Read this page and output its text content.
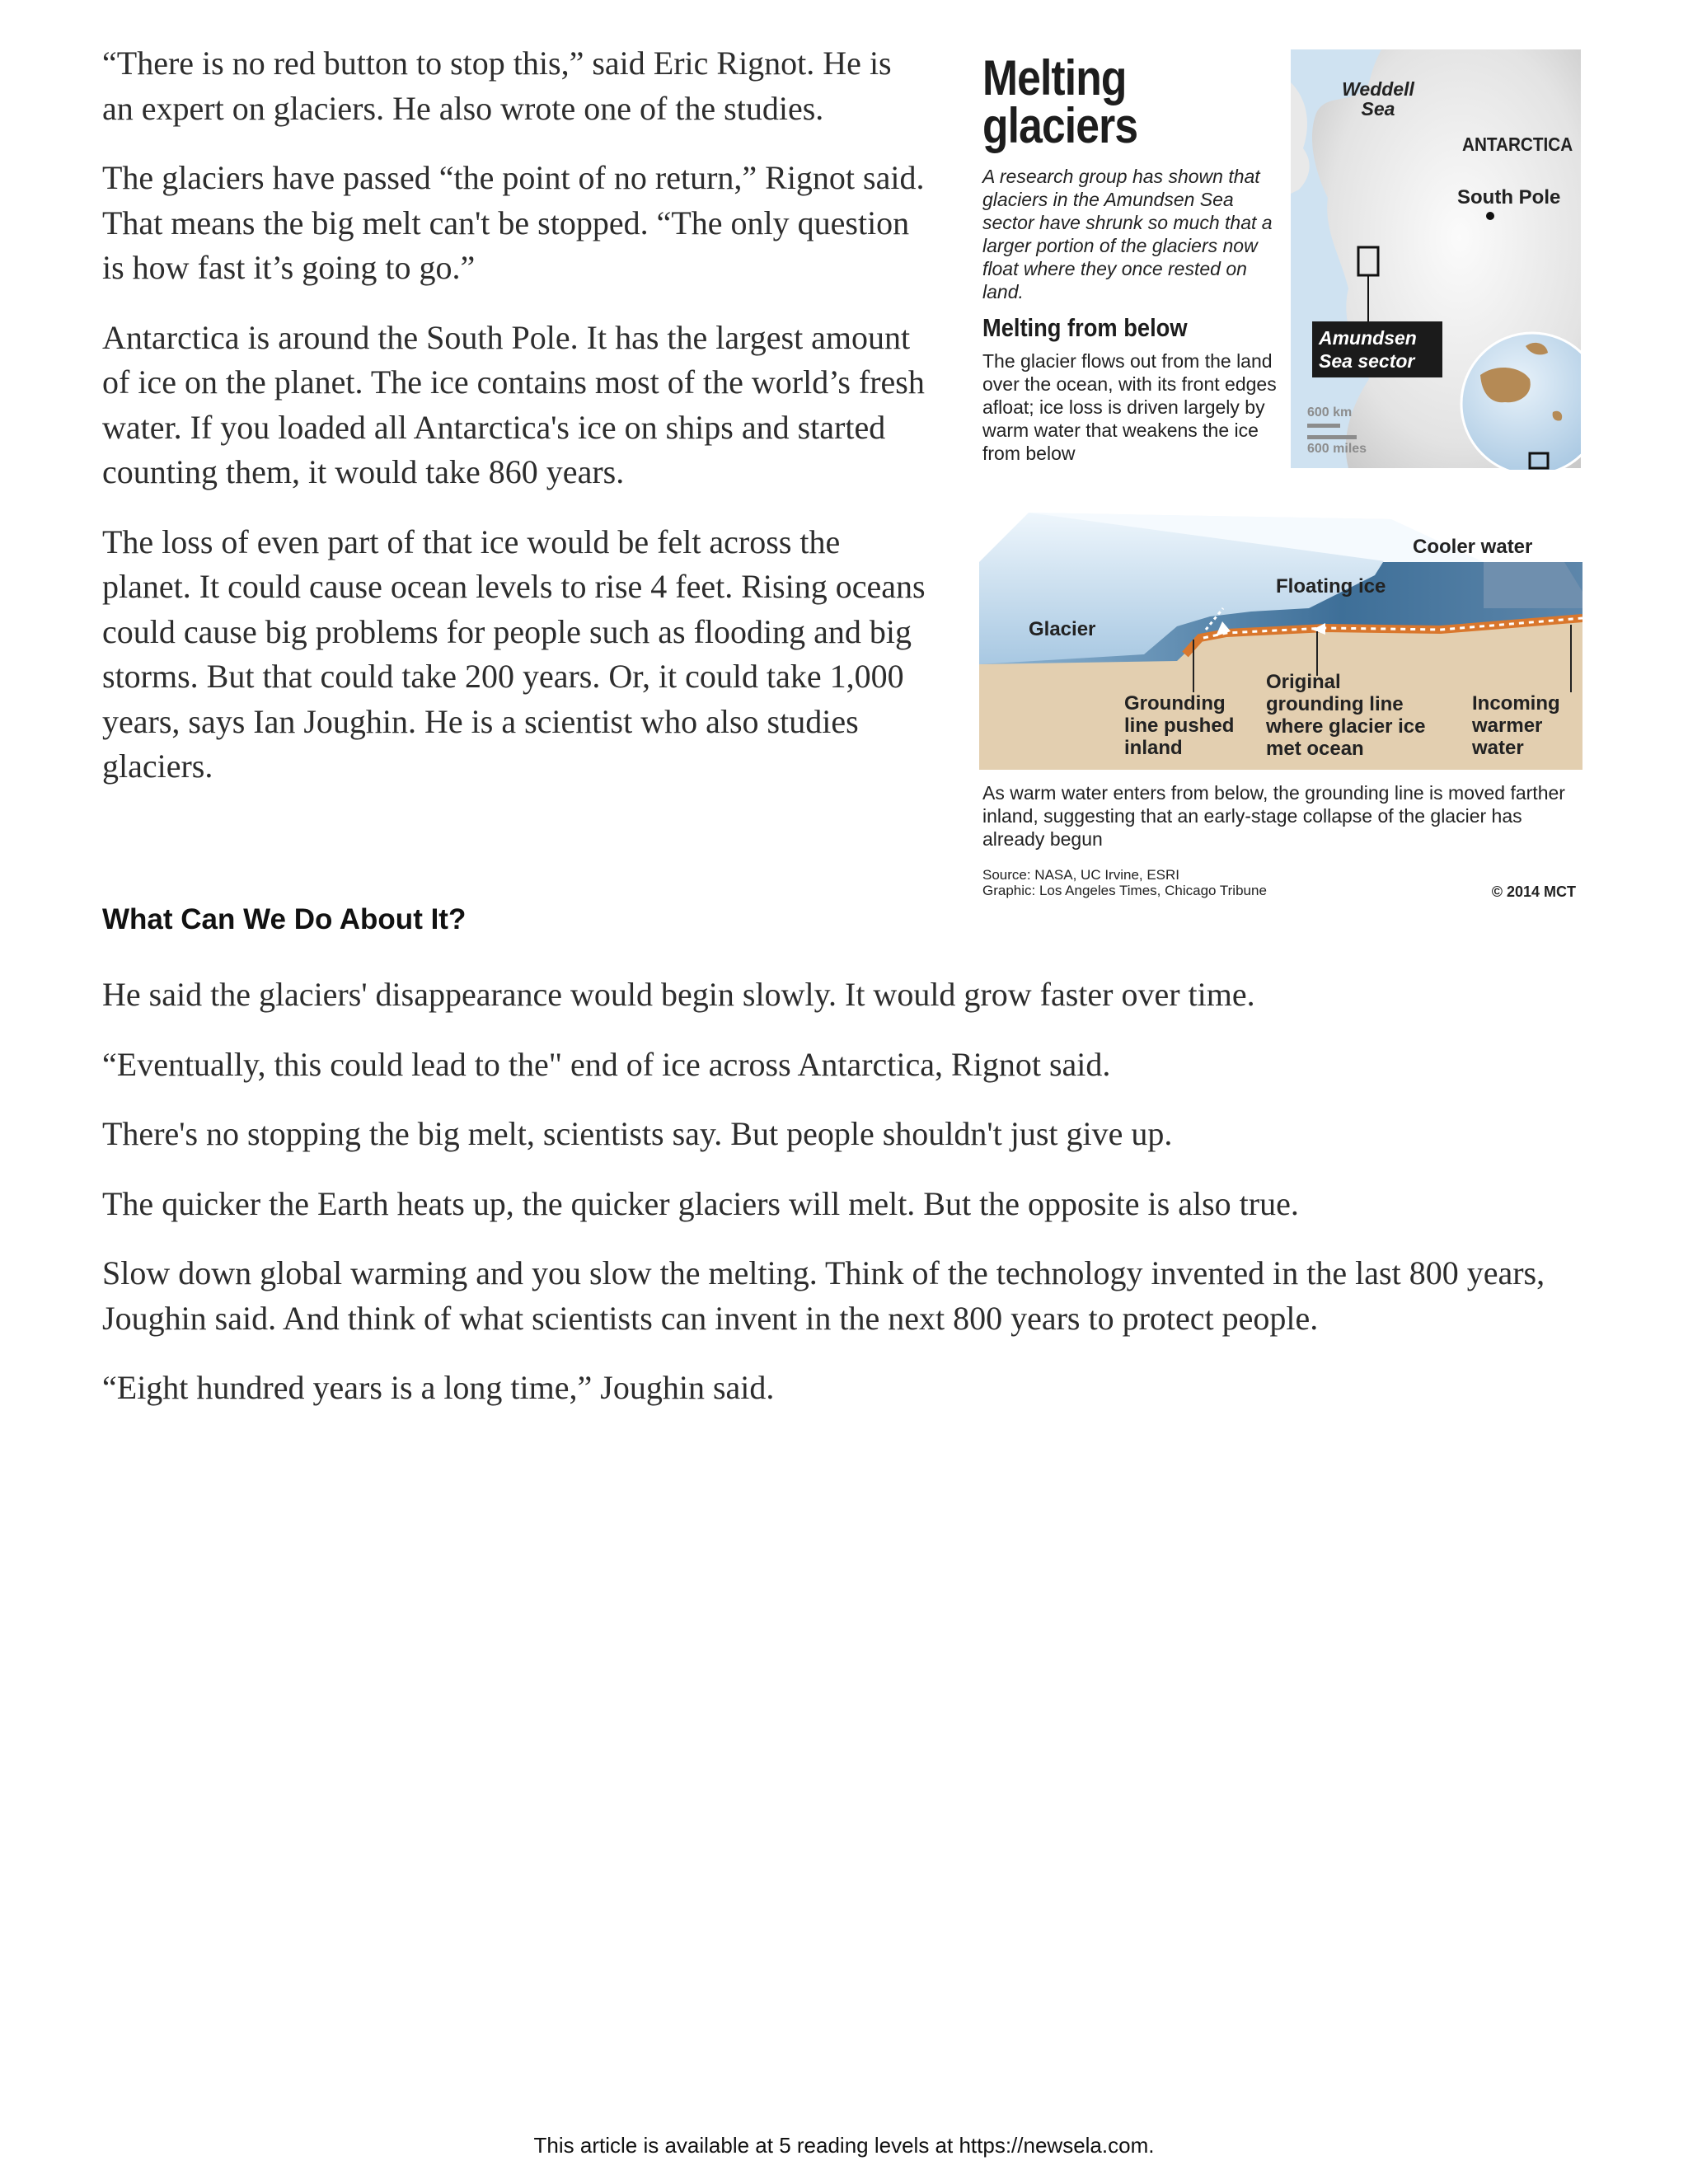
“There is no red button to stop this,” said Eric Rignot. He is an expert on glaciers. He also wrote one of the studies.

The glaciers have passed “the point of no return,” Rignot said. That means the big melt can't be stopped. “The only question is how fast it’s going to go.”

Antarctica is around the South Pole. It has the largest amount of ice on the planet. The ice contains most of the world’s fresh water. If you loaded all Antarctica's ice on ships and started counting them, it would take 860 years.

The loss of even part of that ice would be felt across the planet. It could cause ocean levels to rise 4 feet. Rising oceans could cause big problems for people such as flooding and big storms. But that could take 200 years. Or, it could take 1,000 years, says Ian Joughin. He is a scientist who also studies glaciers.

Melting
glaciers
A research group has shown that glaciers in the Amundsen Sea sector have shrunk so much that a larger portion of the glaciers now float where they once rested on land.
Melting from below
The glacier flows out from the land over the ocean, with its front edges afloat; ice loss is driven largely by warm water that weakens the ice from below
Weddell
Sea
ANTARCTICA
South Pole
Amundsen
Sea sector
600 km
600 miles
Cooler water
Floating ice
Glacier
Grounding
line pushed
inland
Original
grounding line
where glacier ice
met ocean
Incoming
warmer
water
As warm water enters from below, the grounding line is moved farther inland, suggesting that an early-stage collapse of the glacier has already begun
Source: NASA, UC Irvine, ESRI
Graphic: Los Angeles Times, Chicago Tribune	© 2014 MCT
What Can We Do About It?

He said the glaciers' disappearance would begin slowly. It would grow faster over time.

“Eventually, this could lead to the" end of ice across Antarctica, Rignot said.

There's no stopping the big melt, scientists say. But people shouldn't just give up.

The quicker the Earth heats up, the quicker glaciers will melt. But the opposite is also true.

Slow down global warming and you slow the melting. Think of the technology invented in the last 800 years, Joughin said. And think of what scientists can invent in the next 800 years to protect people.

“Eight hundred years is a long time,” Joughin said.

This article is available at 5 reading levels at https://newsela.com.
